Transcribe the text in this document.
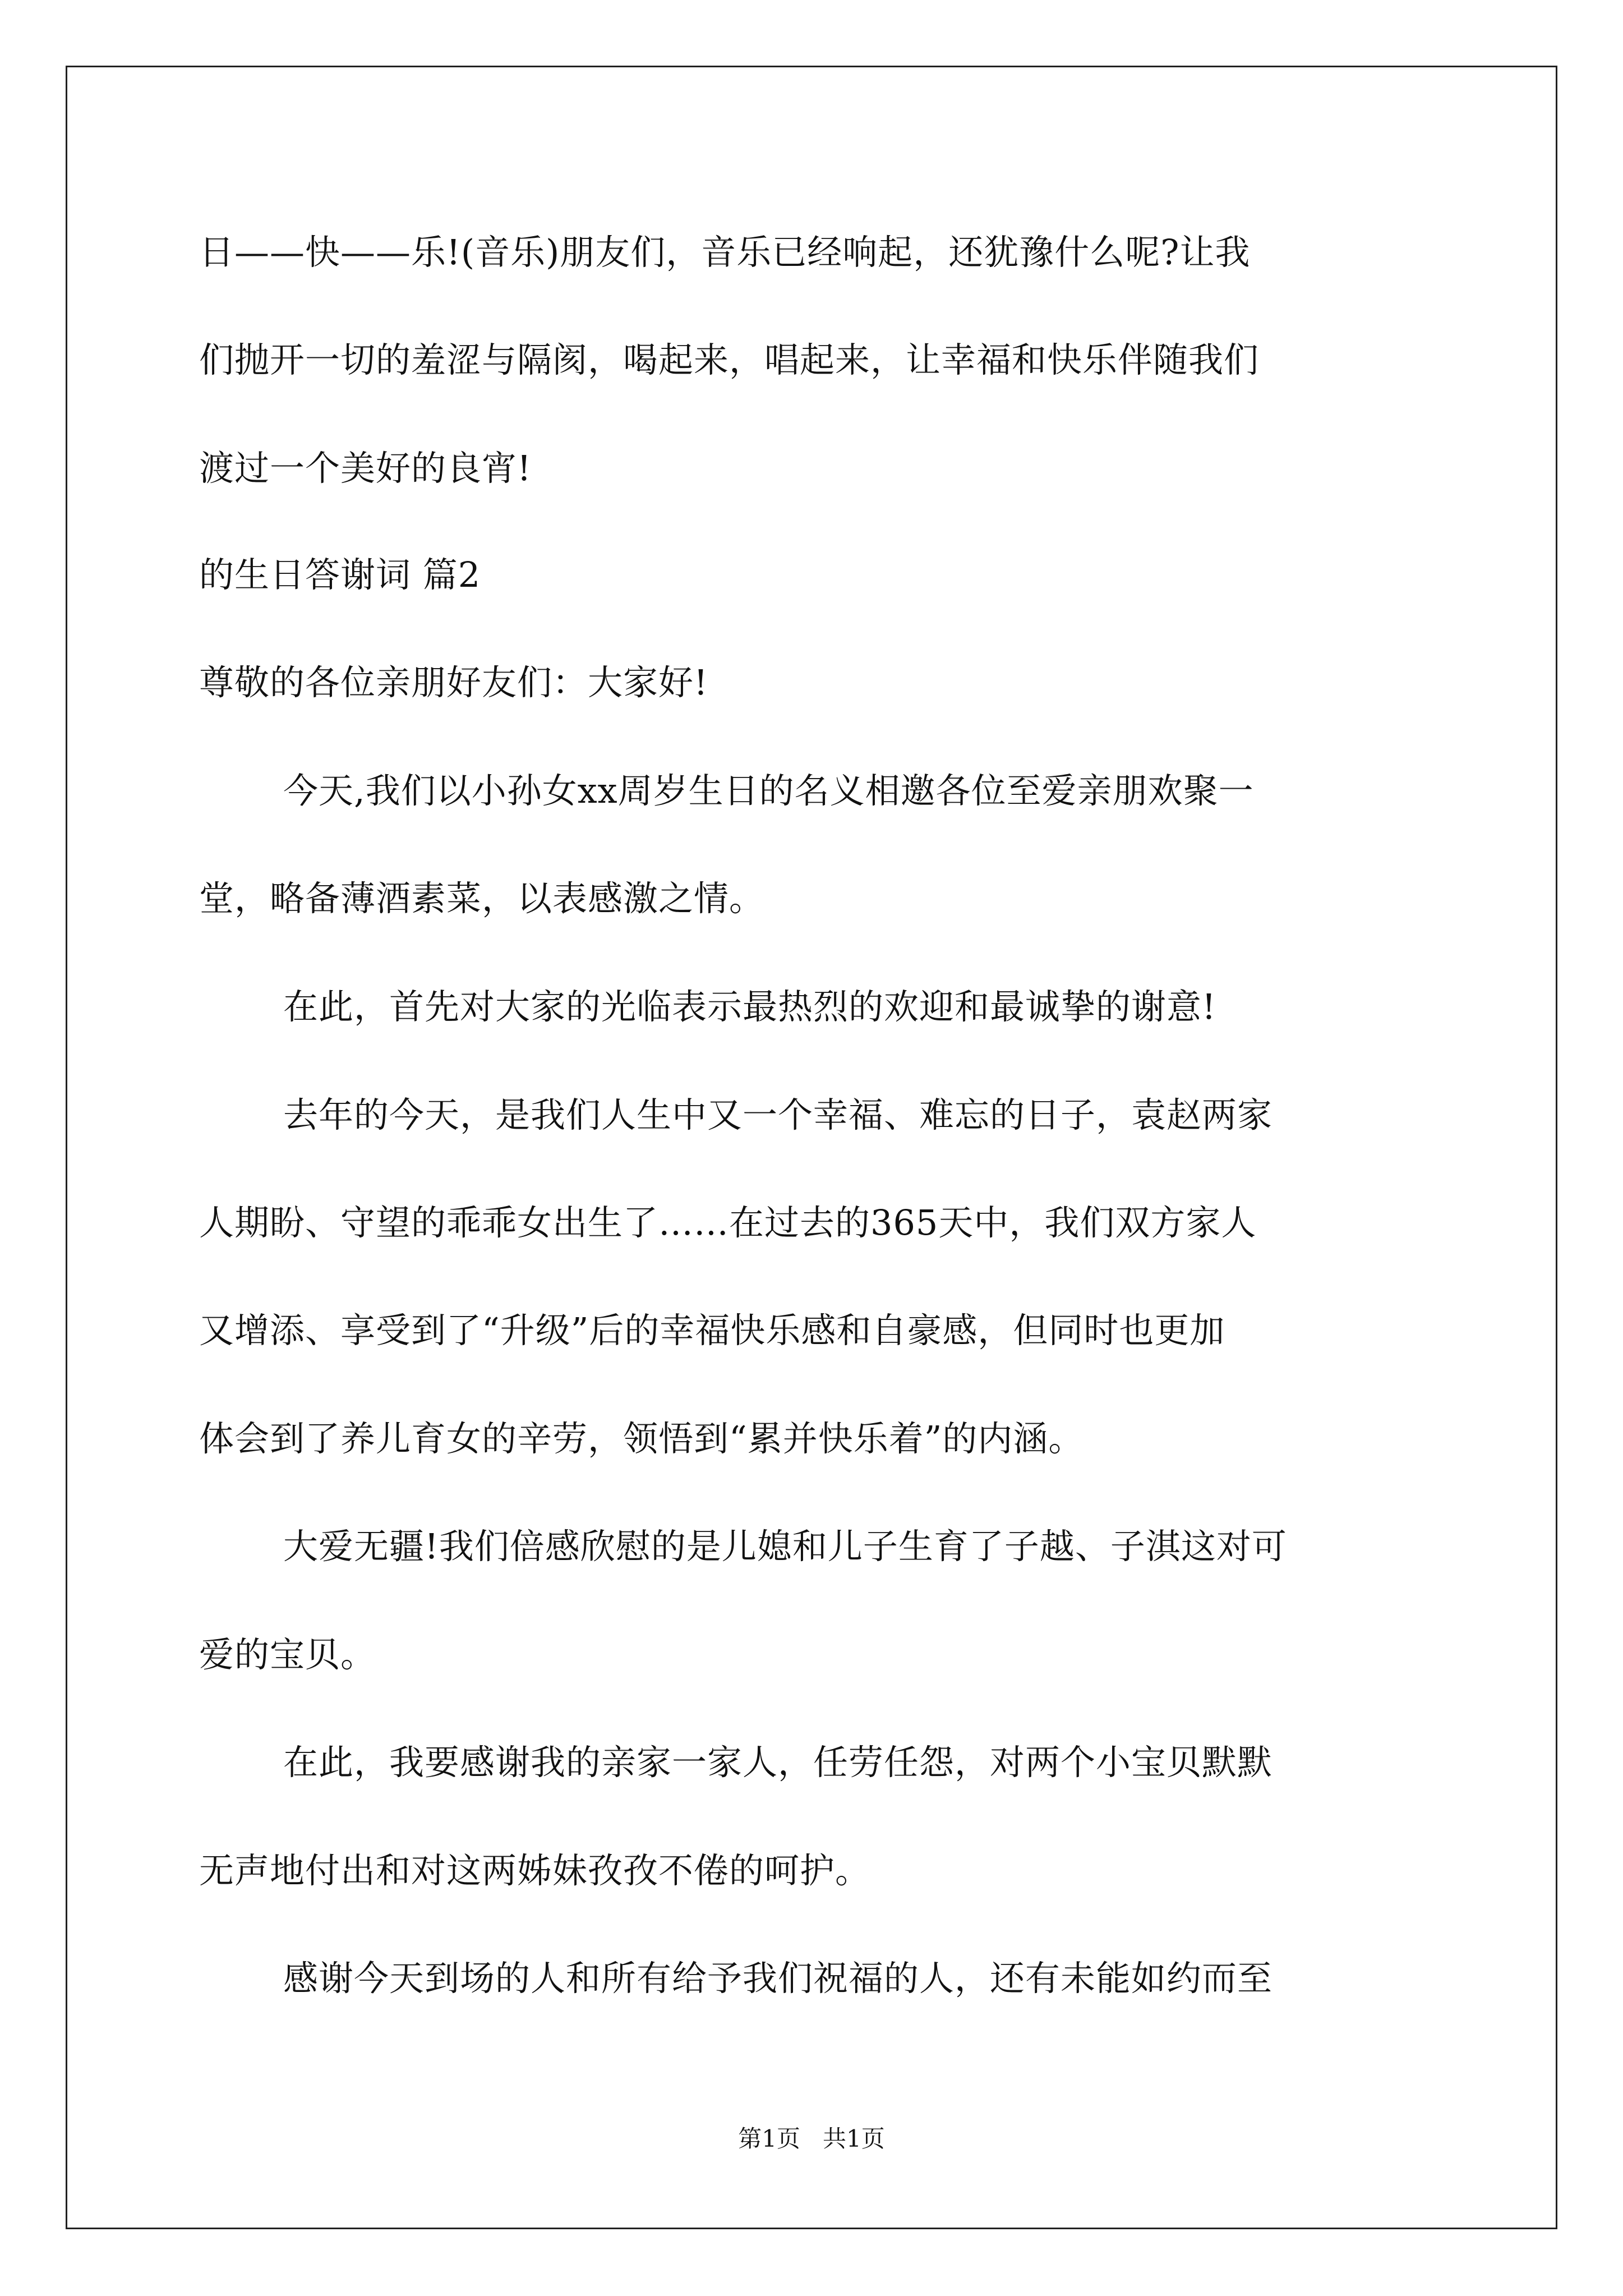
日——快——乐!(音乐)朋友们，音乐已经响起，还犹豫什么呢?让我
们抛开一切的羞涩与隔阂，喝起来，唱起来，让幸福和快乐伴随我们
渡过一个美好的良宵!
的生日答谢词 篇2
尊敬的各位亲朋好友们：大家好!
今天,我们以小孙女xx周岁生日的名义相邀各位至爱亲朋欢聚一
堂，略备薄酒素菜，以表感激之情。
在此，首先对大家的光临表示最热烈的欢迎和最诚挚的谢意!
去年的今天，是我们人生中又一个幸福、难忘的日子，袁赵两家
人期盼、守望的乖乖女出生了……在过去的365天中，我们双方家人
又增添、享受到了“升级”后的幸福快乐感和自豪感，但同时也更加
体会到了养儿育女的辛劳，领悟到“累并快乐着”的内涵。
大爱无疆!我们倍感欣慰的是儿媳和儿子生育了子越、子淇这对可
爱的宝贝。
在此，我要感谢我的亲家一家人，任劳任怨，对两个小宝贝默默
无声地付出和对这两姊妹孜孜不倦的呵护。
感谢今天到场的人和所有给予我们祝福的人，还有未能如约而至
第1页   共1页
